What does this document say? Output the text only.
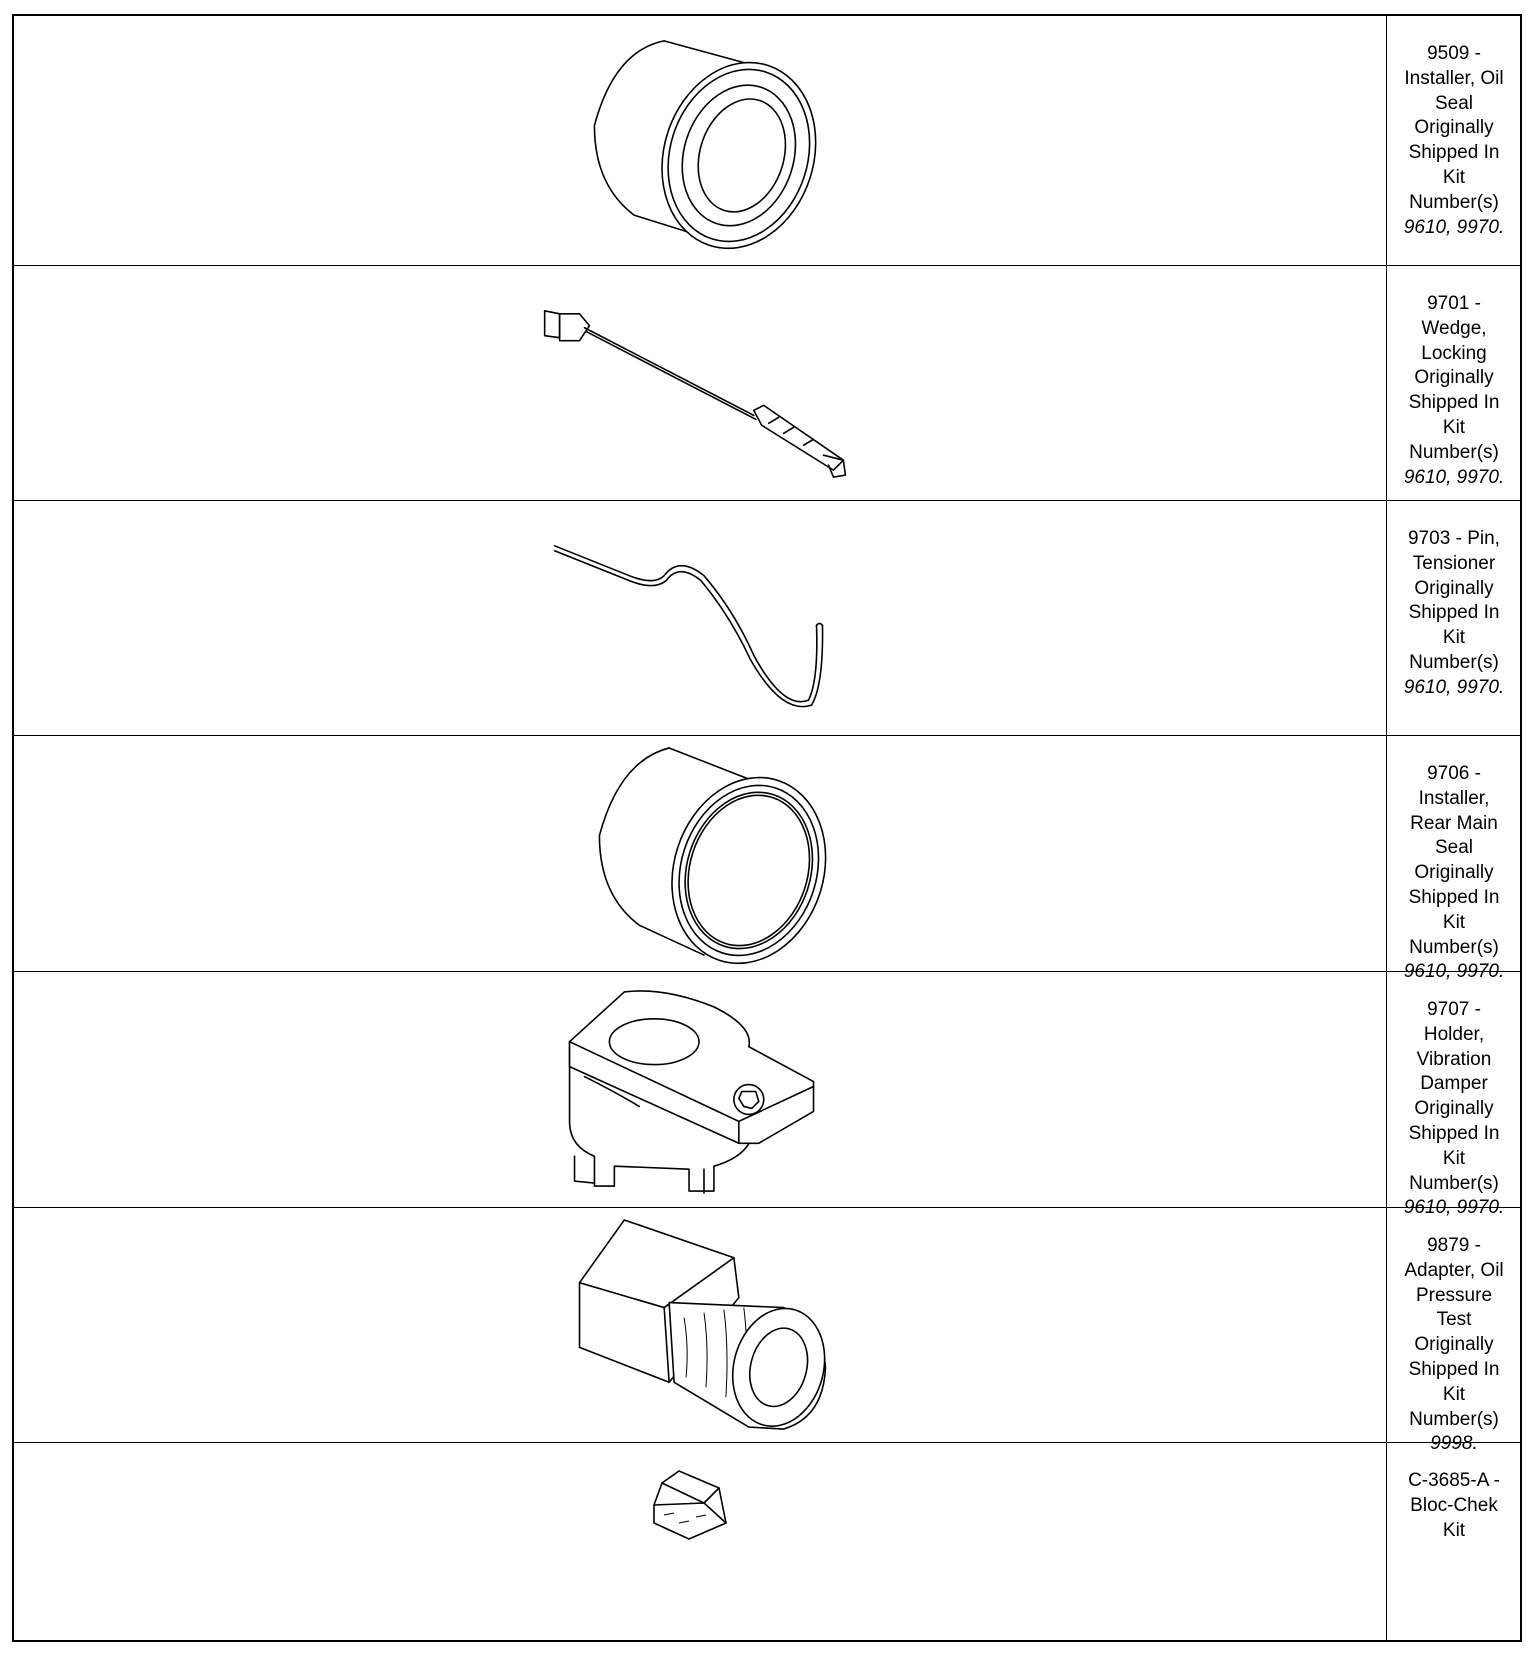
9509 -
Installer, Oil
Seal
Originally
Shipped In
Kit
Number(s)
9610, 9970.
9701 -
Wedge,
Locking
Originally
Shipped In
Kit
Number(s)
9610, 9970.
9703 - Pin,
Tensioner
Originally
Shipped In
Kit
Number(s)
9610, 9970.
9706 -
Installer,
Rear Main
Seal
Originally
Shipped In
Kit
Number(s)
9610, 9970.
9707 -
Holder,
Vibration
Damper
Originally
Shipped In
Kit
Number(s)
9610, 9970.
9879 -
Adapter, Oil
Pressure
Test
Originally
Shipped In
Kit
Number(s)
9998.
C-3685-A -
Bloc-Chek
Kit
